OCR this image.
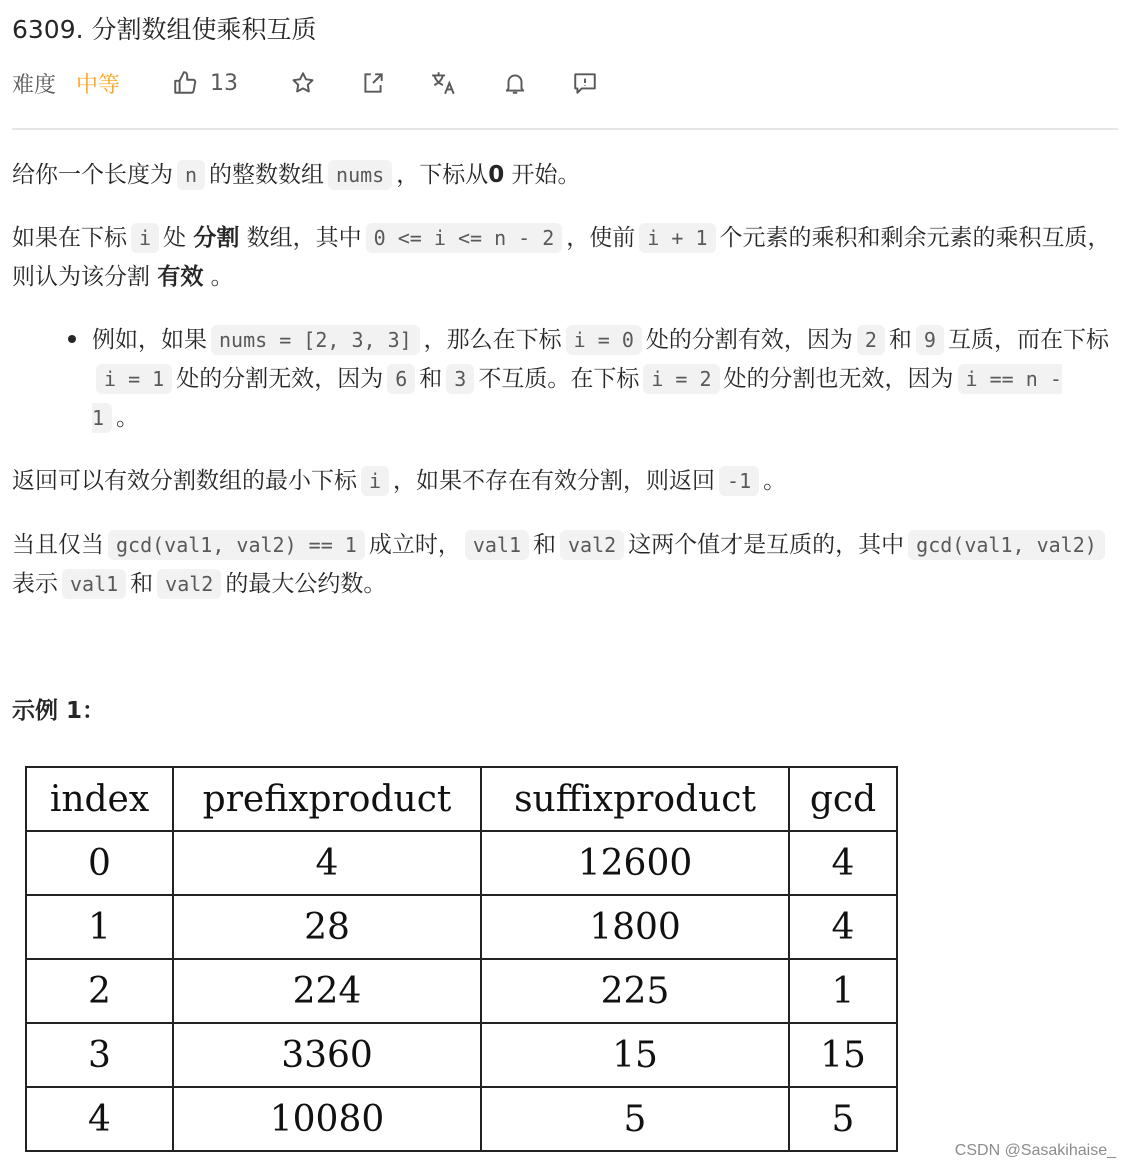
6309. 分割数组使乘积互质
难度 中等	13

给你一个长度为 n 的整数数组 nums ，下标从0 开始。

如果在下标 i 处 分割 数组，其中 0 <= i <= n - 2 ，使前 i + 1 个元素的乘积和剩余元素的乘积互质，则认为该分割 有效 。

例如，如果 nums = [2, 3, 3] ，那么在下标 i = 0 处的分割有效，因为 2 和 9 互质，而在下标i = 1 处的分割无效，因为 6 和 3 不互质。在下标 i = 2 处的分割也无效，因为 i == n - 1 。

返回可以有效分割数组的最小下标 i ，如果不存在有效分割，则返回 -1 。

当且仅当 gcd(val1, val2) == 1 成立时， val1 和 val2 这两个值才是互质的，其中 gcd(val1, val2)表示 val1 和 val2 的最大公约数。

示例 1：

index	prefixproduct	suffixproduct	gcd
0	4	12600	4
1	28	1800	4
2	224	225	1
3	3360	15	15
4	10080	5	5
CSDN @Sasakihaise_
